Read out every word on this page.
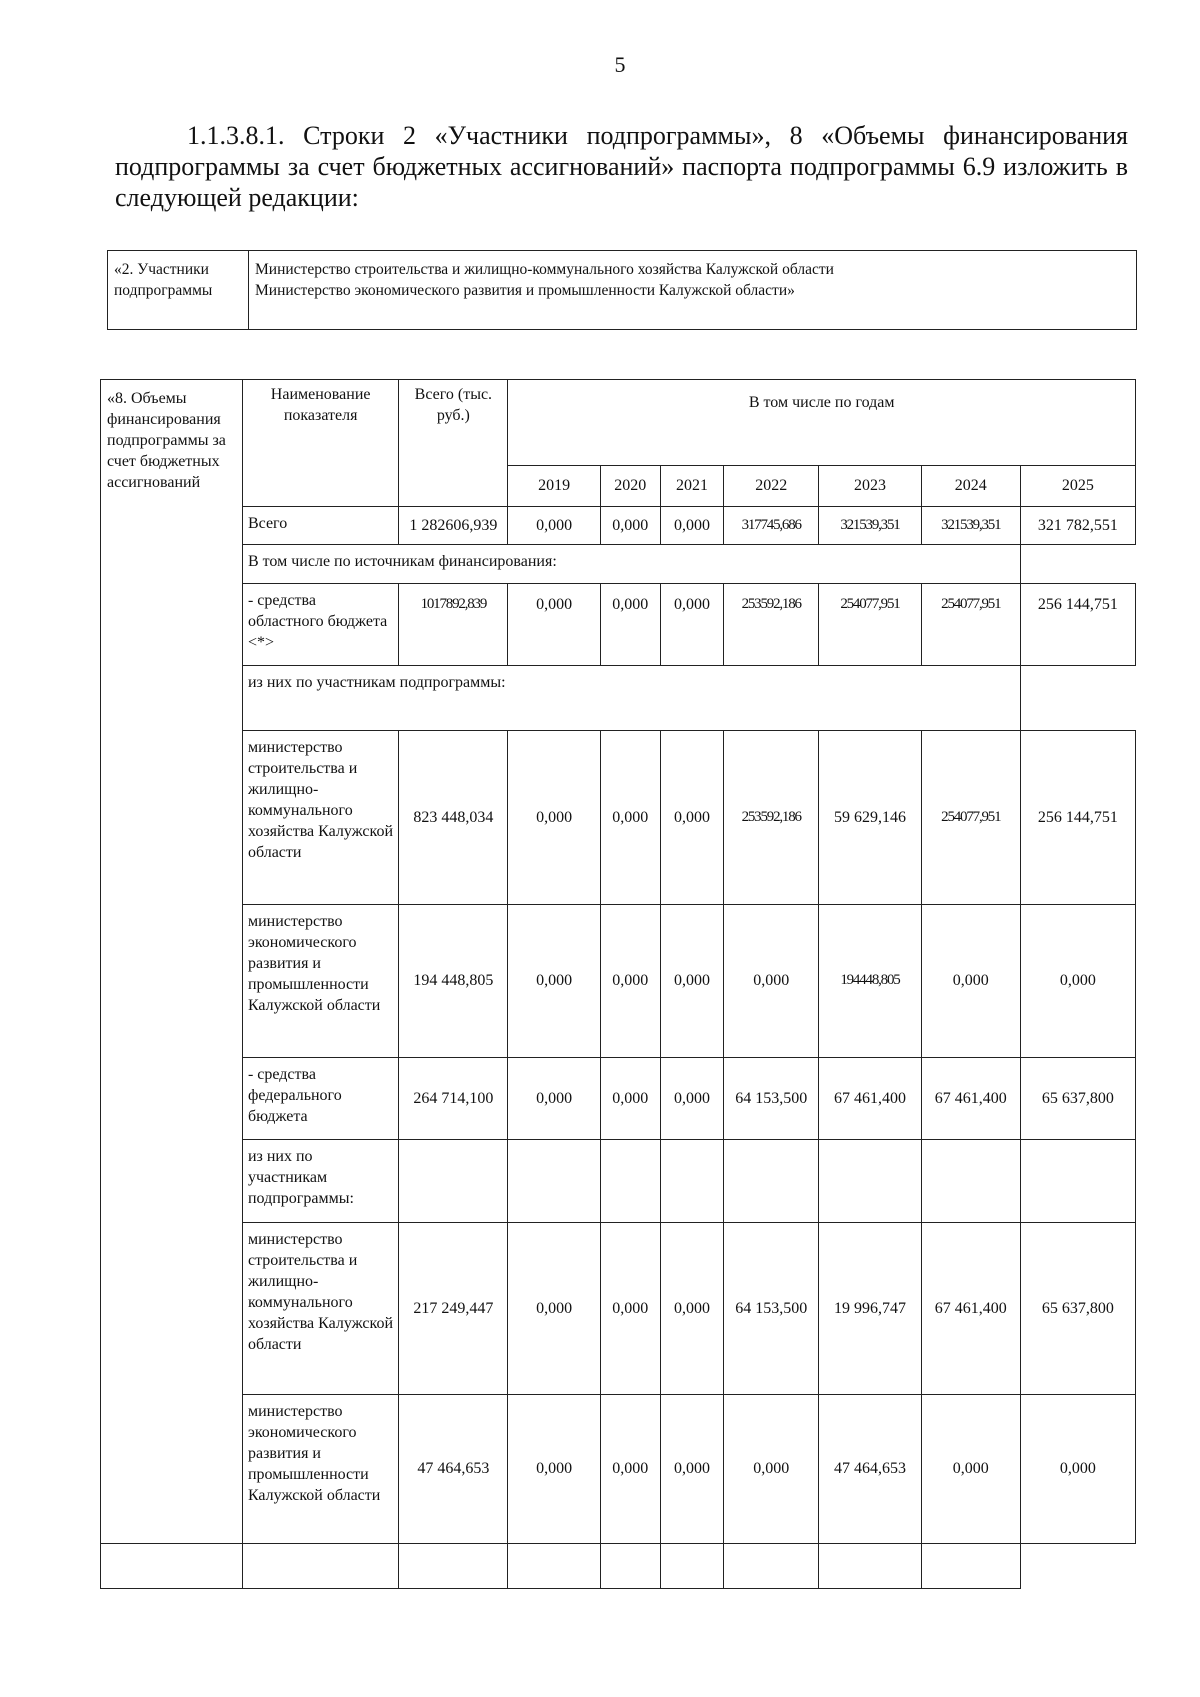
5

1.1.3.8.1. Строки 2 «Участники подпрограммы», 8 «Объемы финансирования подпрограммы за счет бюджетных ассигнований» паспорта подпрограммы 6.9 изложить в следующей редакции:

«2. Участники подпрограммы	
Министерство строительства и жилищно-коммунального хозяйства Калужской области
Министерство экономического развития и промышленности Калужской области»
«8. Объемы финансирования подпрограммы за счет бюджетных ассигнований	Наименование показателя	Всего (тыс. руб.)	В том числе по годам						
			2019	2020	2021	2022	2023	2024	2025
	Всего	1 282606,939	0,000	0,000	0,000	317745,686	321539,351	321539,351	321 782,551
	В том числе по источникам финансирования:								
	- средства областного бюджета <*>	1017892,839	0,000	0,000	0,000	253592,186	254077,951	254077,951	256 144,751
	из них по участникам подпрограммы:								
	министерство строительства и жилищно-коммунального хозяйства Калужской области	823 448,034	0,000	0,000	0,000	253592,186	59 629,146	254077,951	256 144,751
	министерство экономического развития и промышленности Калужской области	194 448,805	0,000	0,000	0,000	0,000	194448,805	0,000	0,000
	- средства федерального бюджета	264 714,100	0,000	0,000	0,000	64 153,500	67 461,400	67 461,400	65 637,800
	из них по участникам подпрограммы:								
	министерство строительства и жилищно-коммунального хозяйства Калужской области	217 249,447	0,000	0,000	0,000	64 153,500	19 996,747	67 461,400	65 637,800
	министерство экономического развития и промышленности Калужской области	47 464,653	0,000	0,000	0,000	0,000	47 464,653	0,000	0,000
